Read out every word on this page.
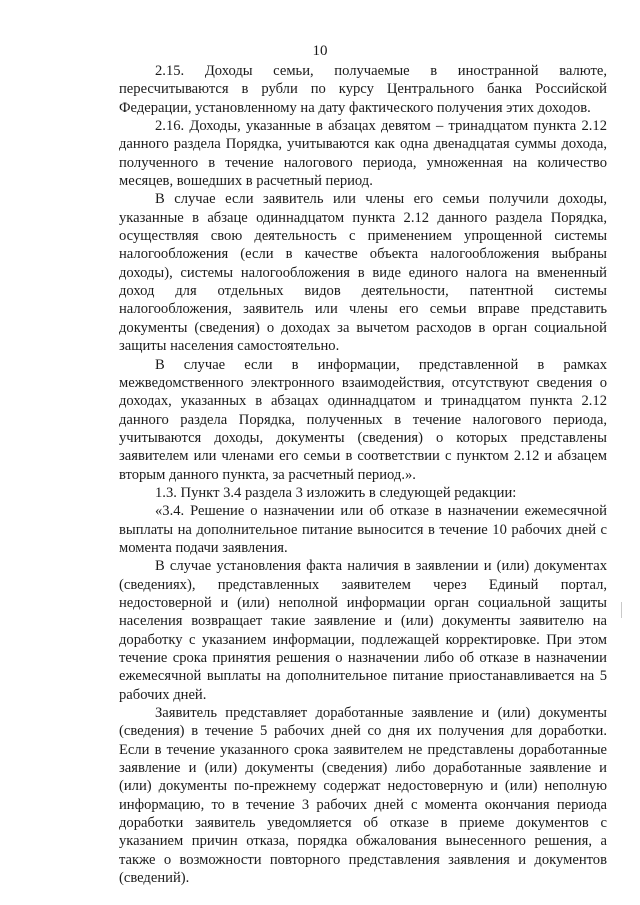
10

2.15. Доходы семьи, получаемые в иностранной валюте, пересчитываются в рубли по курсу Центрального банка Российской Федерации, установленному на дату фактического получения этих доходов.

2.16. Доходы, указанные в абзацах девятом – тринадцатом пункта 2.12 данного раздела Порядка, учитываются как одна двенадцатая суммы дохода, полученного в течение налогового периода, умноженная на количество месяцев, вошедших в расчетный период.

В случае если заявитель или члены его семьи получили доходы, указанные в абзаце одиннадцатом пункта 2.12 данного раздела Порядка, осуществляя свою деятельность с применением упрощенной системы налогообложения (если в качестве объекта налогообложения выбраны доходы), системы налогообложения в виде единого налога на вмененный доход для отдельных видов деятельности, патентной системы налогообложения, заявитель или члены его семьи вправе представить документы (сведения) о доходах за вычетом расходов в орган социальной защиты населения самостоятельно.

В случае если в информации, представленной в рамках межведомственного электронного взаимодействия, отсутствуют сведения о доходах, указанных в абзацах одиннадцатом и тринадцатом пункта 2.12 данного раздела Порядка, полученных в течение налогового периода, учитываются доходы, документы (сведения) о которых представлены заявителем или членами его семьи в соответствии с пунктом 2.12 и абзацем вторым данного пункта, за расчетный период.».

1.3. Пункт 3.4 раздела 3 изложить в следующей редакции:

«3.4. Решение о назначении или об отказе в назначении ежемесячной выплаты на дополнительное питание выносится в течение 10 рабочих дней с момента подачи заявления.

В случае установления факта наличия в заявлении и (или) документах (сведениях), представленных заявителем через Единый портал, недостоверной и (или) неполной информации орган социальной защиты населения возвращает такие заявление и (или) документы заявителю на доработку с указанием информации, подлежащей корректировке. При этом течение срока принятия решения о назначении либо об отказе в назначении ежемесячной выплаты на дополнительное питание приостанавливается на 5 рабочих дней.

Заявитель представляет доработанные заявление и (или) документы (сведения) в течение 5 рабочих дней со дня их получения для доработки. Если в течение указанного срока заявителем не представлены доработанные заявление и (или) документы (сведения) либо доработанные заявление и (или) документы по-прежнему содержат недостоверную и (или) неполную информацию, то в течение 3 рабочих дней с момента окончания периода доработки заявитель уведомляется об отказе в приеме документов с указанием причин отказа, порядка обжалования вынесенного решения, а также о возможности повторного представления заявления и документов (сведений).
